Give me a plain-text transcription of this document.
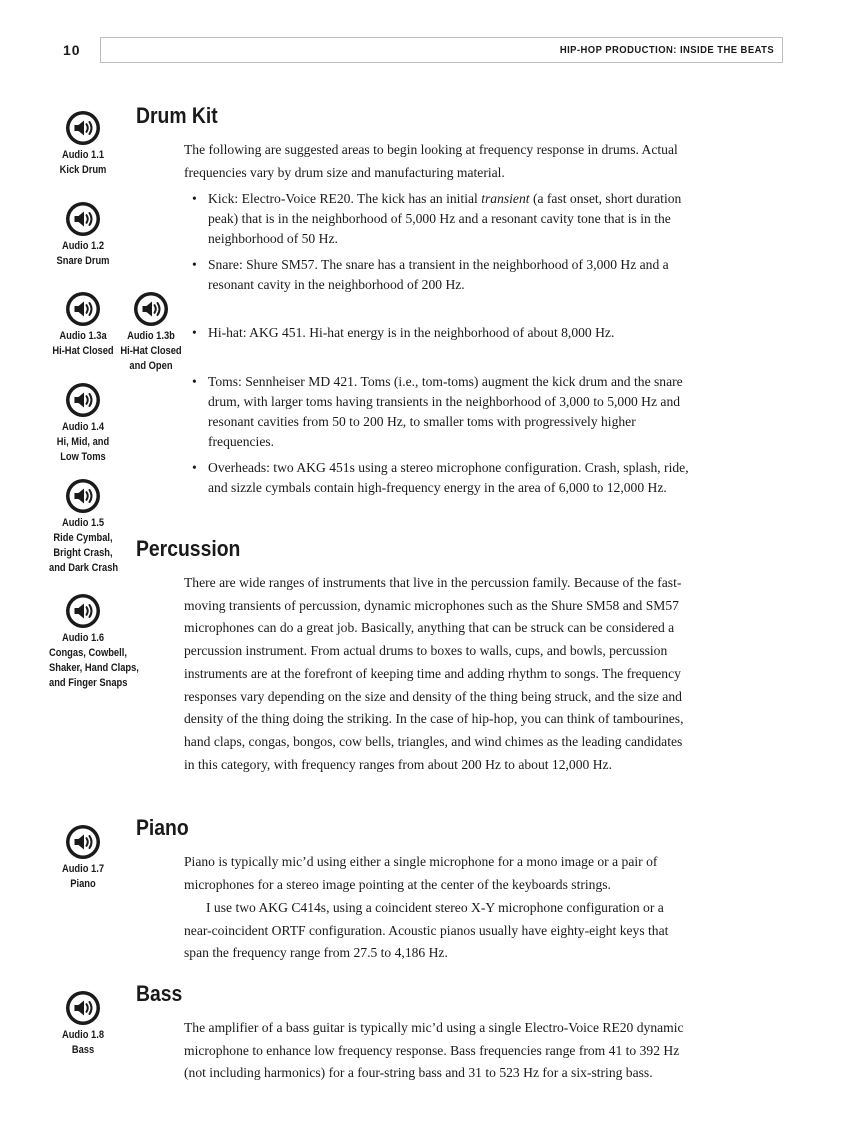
10	HIP-HOP PRODUCTION: INSIDE THE BEATS
Audio 1.1
Kick Drum
Audio 1.2
Snare Drum
Audio 1.3a
Hi-Hat Closed
Audio 1.3b
Hi-Hat Closed
and Open
Audio 1.4
Hi, Mid, and
Low Toms
Audio 1.5
Ride Cymbal,
Bright Crash,
and Dark Crash
Audio 1.6
Congas, Cowbell,
Shaker, Hand Claps,
and Finger Snaps
Audio 1.7
Piano
Audio 1.8
Bass
Drum Kit

The following are suggested areas to begin looking at frequency response in drums. Actual frequencies vary by drum size and manufacturing material.

• Kick: Electro-Voice RE20. The kick has an initial transient (a fast onset, short duration peak) that is in the neighborhood of 5,000 Hz and a resonant cavity tone that is in the neighborhood of 50 Hz.
• Snare: Shure SM57. The snare has a transient in the neighborhood of 3,000 Hz and a resonant cavity in the neighborhood of 200 Hz.
• Hi-hat: AKG 451. Hi-hat energy is in the neighborhood of about 8,000 Hz.
• Toms: Sennheiser MD 421. Toms (i.e., tom-toms) augment the kick drum and the snare drum, with larger toms having transients in the neighborhood of 3,000 to 5,000 Hz and resonant cavities from 50 to 200 Hz, to smaller toms with progressively higher frequencies.
• Overheads: two AKG 451s using a stereo microphone configuration. Crash, splash, ride, and sizzle cymbals contain high-frequency energy in the area of 6,000 to 12,000 Hz.
Percussion

There are wide ranges of instruments that live in the percussion family. Because of the fast-moving transients of percussion, dynamic microphones such as the Shure SM58 and SM57 microphones can do a great job. Basically, anything that can be struck can be considered a percussion instrument. From actual drums to boxes to walls, cups, and bowls, percussion instruments are at the forefront of keeping time and adding rhythm to songs. The frequency responses vary depending on the size and density of the thing being struck, and the size and density of the thing doing the striking. In the case of hip-hop, you can think of tambourines, hand claps, congas, bongos, cow bells, triangles, and wind chimes as the leading candidates in this category, with frequency ranges from about 200 Hz to about 12,000 Hz.

Piano

Piano is typically mic’d using either a single microphone for a mono image or a pair of microphones for a stereo image pointing at the center of the keyboards strings.

I use two AKG C414s, using a coincident stereo X-Y microphone configuration or a near-coincident ORTF configuration. Acoustic pianos usually have eighty-eight keys that span the frequency range from 27.5 to 4,186 Hz.

Bass

The amplifier of a bass guitar is typically mic’d using a single Electro-Voice RE20 dynamic microphone to enhance low frequency response. Bass frequencies range from 41 to 392 Hz (not including harmonics) for a four-string bass and 31 to 523 Hz for a six-string bass.
